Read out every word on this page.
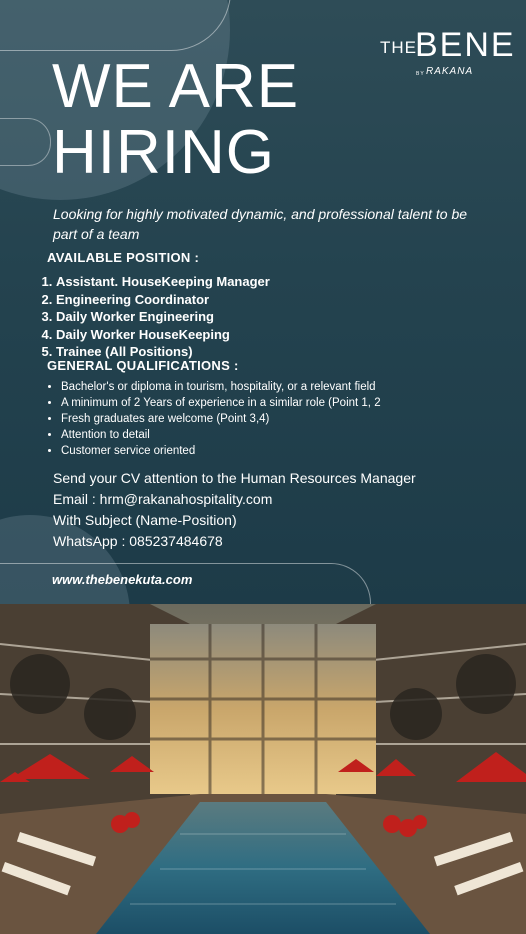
THE
BENE
BY RAKANA
WE ARE
HIRING
Looking for highly motivated dynamic, and professional talent to be part of a team
AVAILABLE POSITION :
1. Assistant. HouseKeeping Manager
2. Engineering Coordinator
3. Daily Worker Engineering
4. Daily Worker HouseKeeping
5. Trainee (All Positions)
GENERAL QUALIFICATIONS :
• Bachelor's or diploma in tourism, hospitality, or a relevant field
• A minimum of 2 Years of experience in a similar role (Point 1, 2
• Fresh graduates are welcome (Point 3,4)
• Attention to detail
• Customer service oriented
Send your CV attention to the Human Resources Manager
Email : hrm@rakanahospitality.com
With Subject (Name-Position)
WhatsApp : 085237484678
www.thebenekuta.com
